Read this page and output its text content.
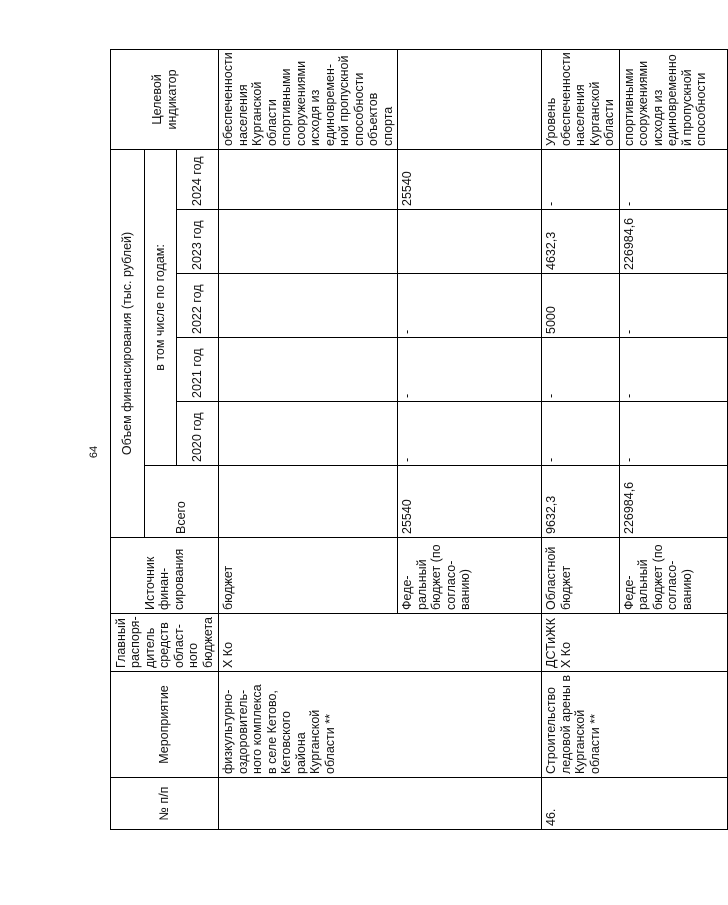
64
№ п/п	Мероприятие	Главный распоря-дитель средств област-ного бюджета	Источник финан-сирования	Объем финансирования (тыс. рублей)						Целевой индикатор
				Всего	в том числе по годам:					
					2020 год	2021 год	2022 год	2023 год	2024 год	
	физкультурно-оздоровитель-ного комплекса в селе Кетово, Кетовского района Курганской области **	Х Ко	бюджет							обеспеченности населения Курганской области спортивными сооружениями исходя из единовремен-ной пропускной способности объектов спорта
			Феде-ральный бюджет (по согласо-ванию)	25540	-	-	-		25540	
46.	Строительство ледовой арены в Курганской области **	ДСТиЖК Х Ко	Областной бюджет	9632,3	-	-	5000	4632,3	-	Уровень обеспеченности населения Курганской области
			Феде-ральный бюджет (по согласо-ванию)	226984,6	-	-	-	226984,6	-	спортивными сооружениями исходя из единовременно й пропускной способности
